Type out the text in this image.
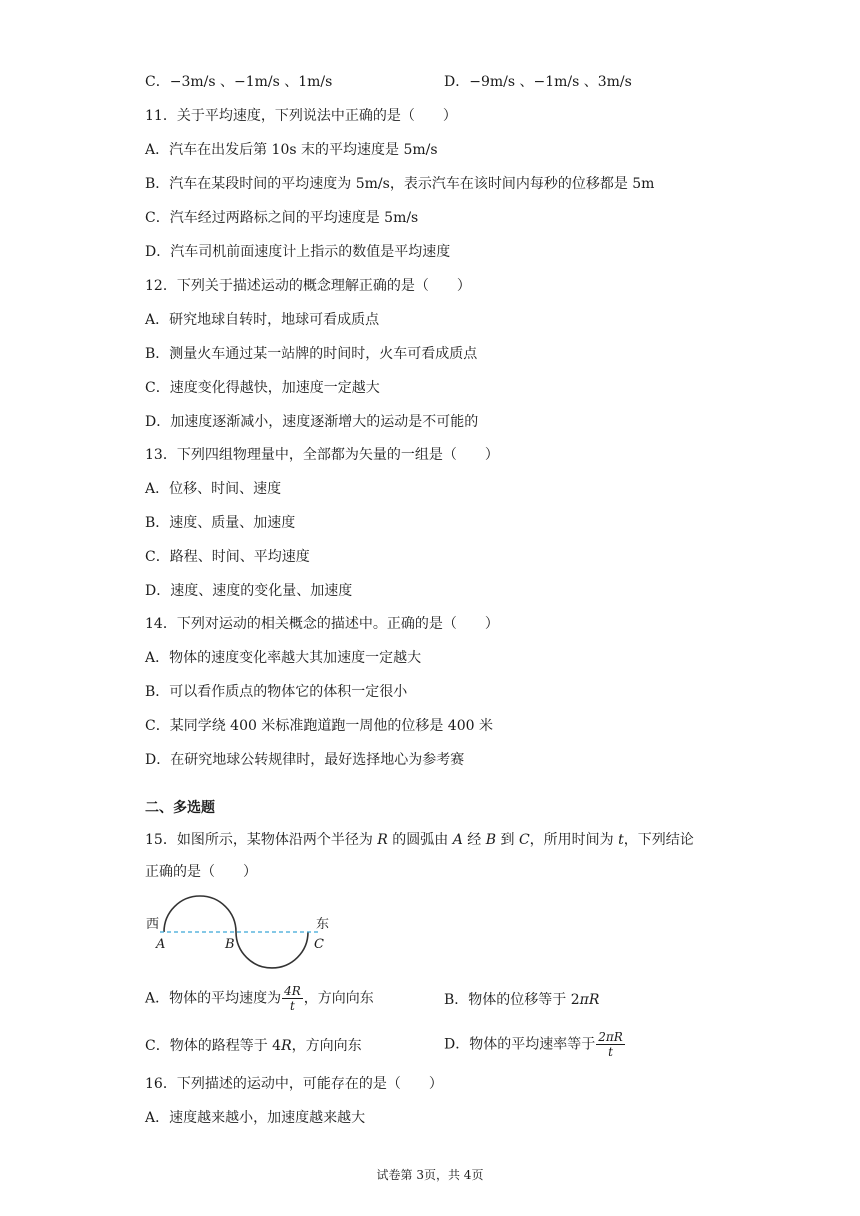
C．−3m/s 、−1m/s 、1m/s	D．−9m/s 、−1m/s 、3m/s
11．关于平均速度，下列说法中正确的是（　　）
A．汽车在出发后第 10s 末的平均速度是 5m/s
B．汽车在某段时间的平均速度为 5m/s，表示汽车在该时间内每秒的位移都是 5m
C．汽车经过两路标之间的平均速度是 5m/s
D．汽车司机前面速度计上指示的数值是平均速度
12．下列关于描述运动的概念理解正确的是（　　）
A．研究地球自转时，地球可看成质点
B．测量火车通过某一站牌的时间时，火车可看成质点
C．速度变化得越快，加速度一定越大
D．加速度逐渐减小，速度逐渐增大的运动是不可能的
13．下列四组物理量中，全部都为矢量的一组是（　　）
A．位移、时间、速度
B．速度、质量、加速度
C．路程、时间、平均速度
D．速度、速度的变化量、加速度
14．下列对运动的相关概念的描述中。正确的是（　　）
A．物体的速度变化率越大其加速度一定越大
B．可以看作质点的物体它的体积一定很小
C．某同学绕 400 米标准跑道跑一周他的位移是 400 米
D．在研究地球公转规律时，最好选择地心为参考赛
二、多选题
15．如图所示，某物体沿两个半径为 R 的圆弧由 A 经 B 到 C，所用时间为 t，下列结论
正确的是（　　）
西	东
A	B	C
A．物体的平均速度为 $\frac{4R}{t}$ ，方向向东	B．物体的位移等于 2πR
C．物体的路程等于 4R，方向向东	D．物体的平均速率等于 $\frac{2\pi R}{t}$
16．下列描述的运动中，可能存在的是（　　）
A．速度越来越小，加速度越来越大
试卷第 3页，共 4页
